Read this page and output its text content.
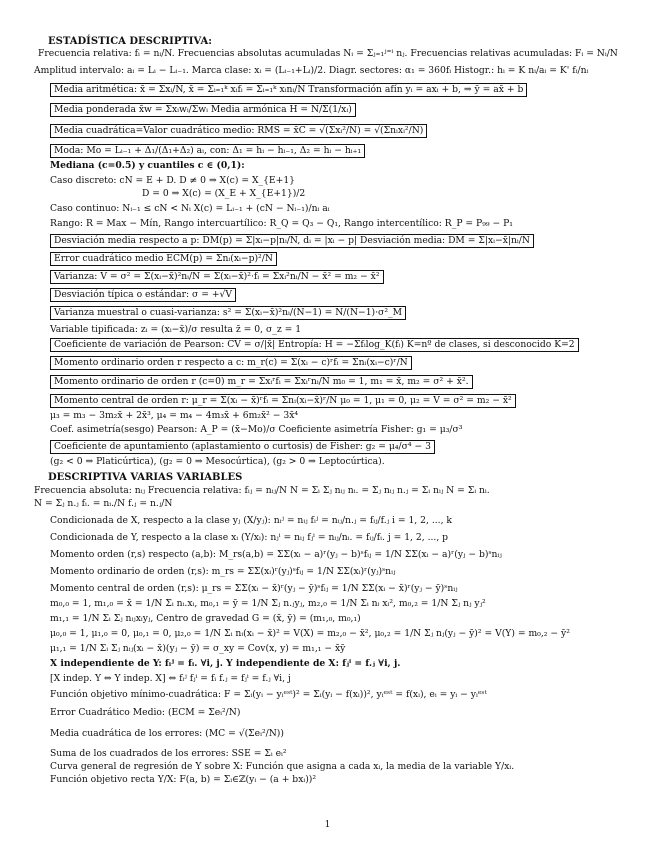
ESTADÍSTICA DESCRIPTIVA:
Frecuencia relativa: fᵢ = nᵢ/N. Frecuencias absolutas acumuladas Nᵢ = Σⱼ₌₁ʲ⁼ⁱ nⱼ. Frecuencias relativas acumuladas: Fᵢ = Nᵢ/N
Amplitud intervalo: aᵢ = Lᵢ − Lᵢ₋₁. Marca clase: xᵢ = (Lᵢ₋₁+Lᵢ)/2. Diagr. sectores: α₁ = 360fᵢ Histogr.: hᵢ = K nᵢ/aᵢ = K' fᵢ/nᵢ
Media aritmética: x̄ = Σxᵢ/N, x̄ = Σᵢ₌₁ᵏ xᵢfᵢ = Σᵢ₌₁ᵏ xᵢnᵢ/N Transformación afín yᵢ = axᵢ + b, ⇒ ȳ = ax̄ + b
Media ponderada x̄w = Σxᵢwᵢ/Σwᵢ Media armónica H = N/Σ(1/xᵢ)
Media cuadrática=Valor cuadrático medio: RMS = x̄C = √(Σxᵢ²/N) = √(Σnᵢxᵢ²/N)
Moda: Mo = Lᵢ₋₁ + Δ₁/(Δ₁+Δ₂) aᵢ, con: Δ₁ = hᵢ − hᵢ₋₁, Δ₂ = hᵢ − hᵢ₊₁
Mediana (c=0.5) y cuantiles c ∈ (0,1):
Caso discreto: cN = E + D. D ≠ 0 ⇒ X(c) = X_{E+1}
D = 0 ⇒ X(c) = (X_E + X_{E+1})/2
Caso continuo: Nᵢ₋₁ ≤ cN < Nᵢ X(c) = Lᵢ₋₁ + (cN − Nᵢ₋₁)/nᵢ aᵢ
Rango: R = Max − Mín, Rango intercuartílico: R_Q = Q₃ − Q₁, Rango intercentílico: R_P = P₉₉ − P₁
Desviación media respecto a p: DM(p) = Σ|xᵢ−p|nᵢ/N, dᵢ = |xᵢ − p| Desviación media: DM = Σ|xᵢ−x̄|nᵢ/N
Error cuadrático medio ECM(p) = Σnᵢ(xᵢ−p)²/N
Varianza: V = σ² = Σ(xᵢ−x̄)²nᵢ/N = Σ(xᵢ−x̄)²·fᵢ = Σxᵢ²nᵢ/N − x̄² = m₂ − x̄²
Desviación típica o estándar: σ = +√V
Varianza muestral o cuasi-varianza: s² = Σ(xᵢ−x̄)²nᵢ/(N−1) = N/(N−1)·σ²_M
Variable tipificada: zᵢ = (xᵢ−x̄)/σ resulta z̄ = 0, σ_z = 1
Coeficiente de variación de Pearson: CV = σ/|x̄| Entropía: H = −Σfᵢlog_K(fᵢ) K=nº de clases, si desconocido K=2
Momento ordinario orden r respecto a c: m_r(c) = Σ(xᵢ − c)ʳfᵢ = Σnᵢ(xᵢ−c)ʳ/N
Momento ordinario de orden r (c=0) m_r = Σxᵢʳfᵢ = Σxᵢʳnᵢ/N m₀ = 1, m₁ = x̄, m₂ = σ² + x̄².
Momento central de orden r: μ_r = Σ(xᵢ − x̄)ʳfᵢ = Σnᵢ(xᵢ−x̄)ʳ/N μ₀ = 1, μ₁ = 0, μ₂ = V = σ² = m₂ − x̄²
μ₃ = m₃ − 3m₂x̄ + 2x̄³, μ₄ = m₄ − 4m₃x̄ + 6m₂x̄² − 3x̄⁴
Coef. asimetría(sesgo) Pearson: A_P = (x̄−Mo)/σ Coeficiente asimetría Fisher: g₁ = μ₃/σ³
Coeficiente de apuntamiento (aplastamiento o curtosis) de Fisher: g₂ = μ₄/σ⁴ − 3
(g₂ < 0 ⇒ Platicúrtica), (g₂ = 0 ⇒ Mesocúrtica), (g₂ > 0 ⇒ Leptocúrtica).
DESCRIPTIVA VARIAS VARIABLES
Frecuencia absoluta: nᵢⱼ Frecuencia relativa: fᵢⱼ = nᵢⱼ/N N = Σᵢ Σⱼ nᵢⱼ nᵢ. = Σⱼ nᵢⱼ n.ⱼ = Σᵢ nᵢⱼ N = Σᵢ nᵢ.
N = Σⱼ n.ⱼ fᵢ. = nᵢ./N f.ⱼ = n.ⱼ/N
Condicionada de X, respecto a la clase yⱼ (X/yⱼ): nᵢʲ = nᵢⱼ fᵢʲ = nᵢⱼ/n.ⱼ = fᵢⱼ/f.ⱼ i = 1, 2, ..., k
Condicionada de Y, respecto a la clase xᵢ (Y/xᵢ): nⱼⁱ = nᵢⱼ fⱼⁱ = nᵢⱼ/nᵢ. = fᵢⱼ/fᵢ. j = 1, 2, ..., p
Momento orden (r,s) respecto (a,b): M_rs(a,b) = ΣΣ(xᵢ − a)ʳ(yⱼ − b)ˢfᵢⱼ = 1/N ΣΣ(xᵢ − a)ʳ(yⱼ − b)ˢnᵢⱼ
Momento ordinario de orden (r,s): m_rs = ΣΣ(xᵢ)ʳ(yⱼ)ˢfᵢⱼ = 1/N ΣΣ(xᵢ)ʳ(yⱼ)ˢnᵢⱼ
Momento central de orden (r,s): μ_rs = ΣΣ(xᵢ − x̄)ʳ(yⱼ − ȳ)ˢfᵢⱼ = 1/N ΣΣ(xᵢ − x̄)ʳ(yⱼ − ȳ)ˢnᵢⱼ
m₀,₀ = 1, m₁,₀ = x̄ = 1/N Σᵢ nᵢ.xᵢ, m₀,₁ = ȳ = 1/N Σⱼ n.ⱼyⱼ, m₂,₀ = 1/N Σᵢ nᵢ xᵢ², m₀,₂ = 1/N Σⱼ nⱼ yⱼ²
m₁,₁ = 1/N Σᵢ Σⱼ nᵢⱼxᵢyⱼ, Centro de gravedad G = (x̄, ȳ) = (m₁,₀, m₀,₁)
μ₀,₀ = 1, μ₁,₀ = 0, μ₀,₁ = 0, μ₂,₀ = 1/N Σᵢ nᵢ(xᵢ − x̄)² = V(X) = m₂,₀ − x̄², μ₀,₂ = 1/N Σⱼ nⱼ(yⱼ − ȳ)² = V(Y) = m₀,₂ − ȳ²
μ₁,₁ = 1/N Σᵢ Σⱼ nᵢⱼ(xᵢ − x̄)(yⱼ − ȳ) = σ_xy = Cov(x, y) = m₁,₁ − x̄ȳ
X independiente de Y: fᵢʲ = fᵢ. ∀i, j. Y independiente de X: fⱼⁱ = f.ⱼ ∀i, j.
[X indep. Y ⇔ Y indep. X] ⇔ fᵢʲ fⱼⁱ = fᵢ f.ⱼ = fⱼⁱ = f.ⱼ ∀i, j
Función objetivo mínimo-cuadrática: F = Σᵢ(yᵢ − yᵢᵉˢᵗ)² = Σᵢ(yᵢ − f(xᵢ))², yᵢᵉˢᵗ = f(xᵢ), eᵢ = yᵢ − yᵢᵉˢᵗ
Error Cuadrático Medio: (ECM = Σeᵢ²/N)
Media cuadrática de los errores: (MC = √(Σeᵢ²/N))
Suma de los cuadrados de los errores: SSE = Σᵢ eᵢ²
Curva general de regresión de Y sobre X: Función que asigna a cada xᵢ, la media de la variable Y/xᵢ.
Función objetivo recta Y/X: F(a, b) = Σᵢ∈ℤ(yᵢ − (a + bxᵢ))²
1
